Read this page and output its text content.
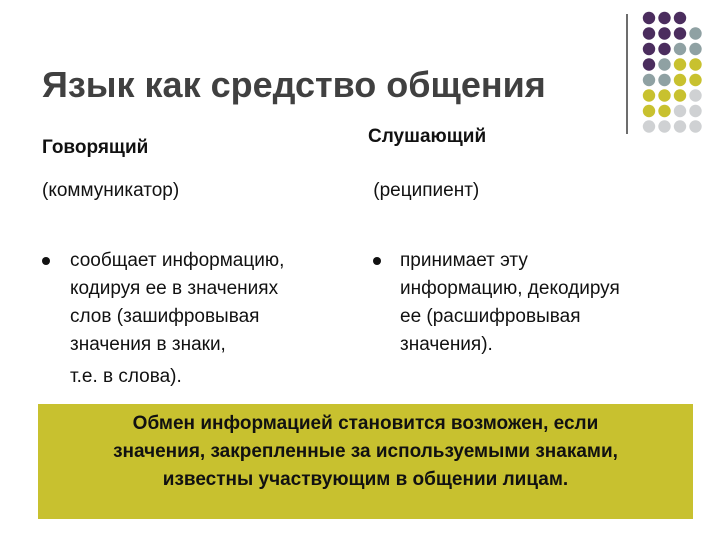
Язык как средство общения
Говорящий
(коммуникатор)
сообщает информацию,
кодируя ее в значениях
слов (зашифровывая
значения в знаки,
т.е. в слова).
Слушающий
(реципиент)
принимает эту
информацию, декодируя
ее (расшифровывая
значения).
Обмен информацией становится возможен, если
значения, закрепленные за используемыми знаками,
известны участвующим в общении лицам.
